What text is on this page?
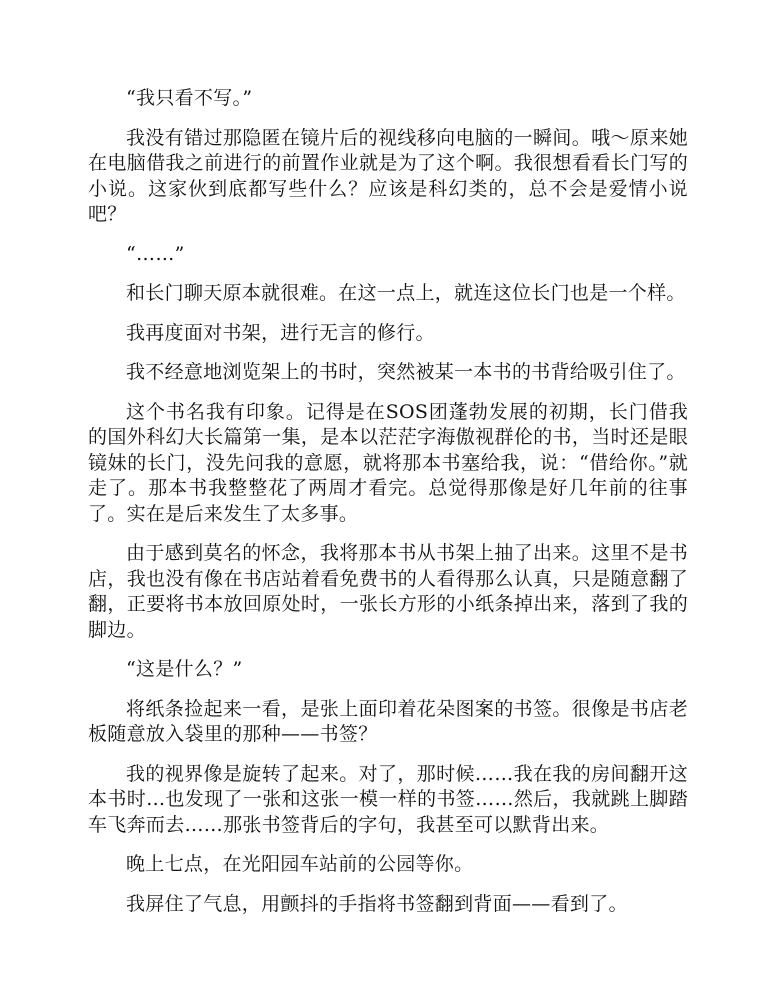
“我只看不写。”

我没有错过那隐匿在镜片后的视线移向电脑的一瞬间。哦～原来她在电脑借我之前进行的前置作业就是为了这个啊。我很想看看长门写的小说。这家伙到底都写些什么？应该是科幻类的，总不会是爱情小说吧？

“……”

和长门聊天原本就很难。在这一点上，就连这位长门也是一个样。

我再度面对书架，进行无言的修行。

我不经意地浏览架上的书时，突然被某一本书的书背给吸引住了。

这个书名我有印象。记得是在SOS团蓬勃发展的初期，长门借我的国外科幻大长篇第一集，是本以茫茫字海傲视群伦的书，当时还是眼镜妹的长门，没先问我的意愿，就将那本书塞给我，说：“借给你。”就走了。那本书我整整花了两周才看完。总觉得那像是好几年前的往事了。实在是后来发生了太多事。

由于感到莫名的怀念，我将那本书从书架上抽了出来。这里不是书店，我也没有像在书店站着看免费书的人看得那么认真，只是随意翻了翻，正要将书本放回原处时，一张长方形的小纸条掉出来，落到了我的脚边。

“这是什么？”

将纸条捡起来一看，是张上面印着花朵图案的书签。很像是书店老板随意放入袋里的那种——书签？

我的视界像是旋转了起来。对了，那时候……我在我的房间翻开这本书时…也发现了一张和这张一模一样的书签……然后，我就跳上脚踏车飞奔而去……那张书签背后的字句，我甚至可以默背出来。

晚上七点，在光阳园车站前的公园等你。

我屏住了气息，用颤抖的手指将书签翻到背面——看到了。
